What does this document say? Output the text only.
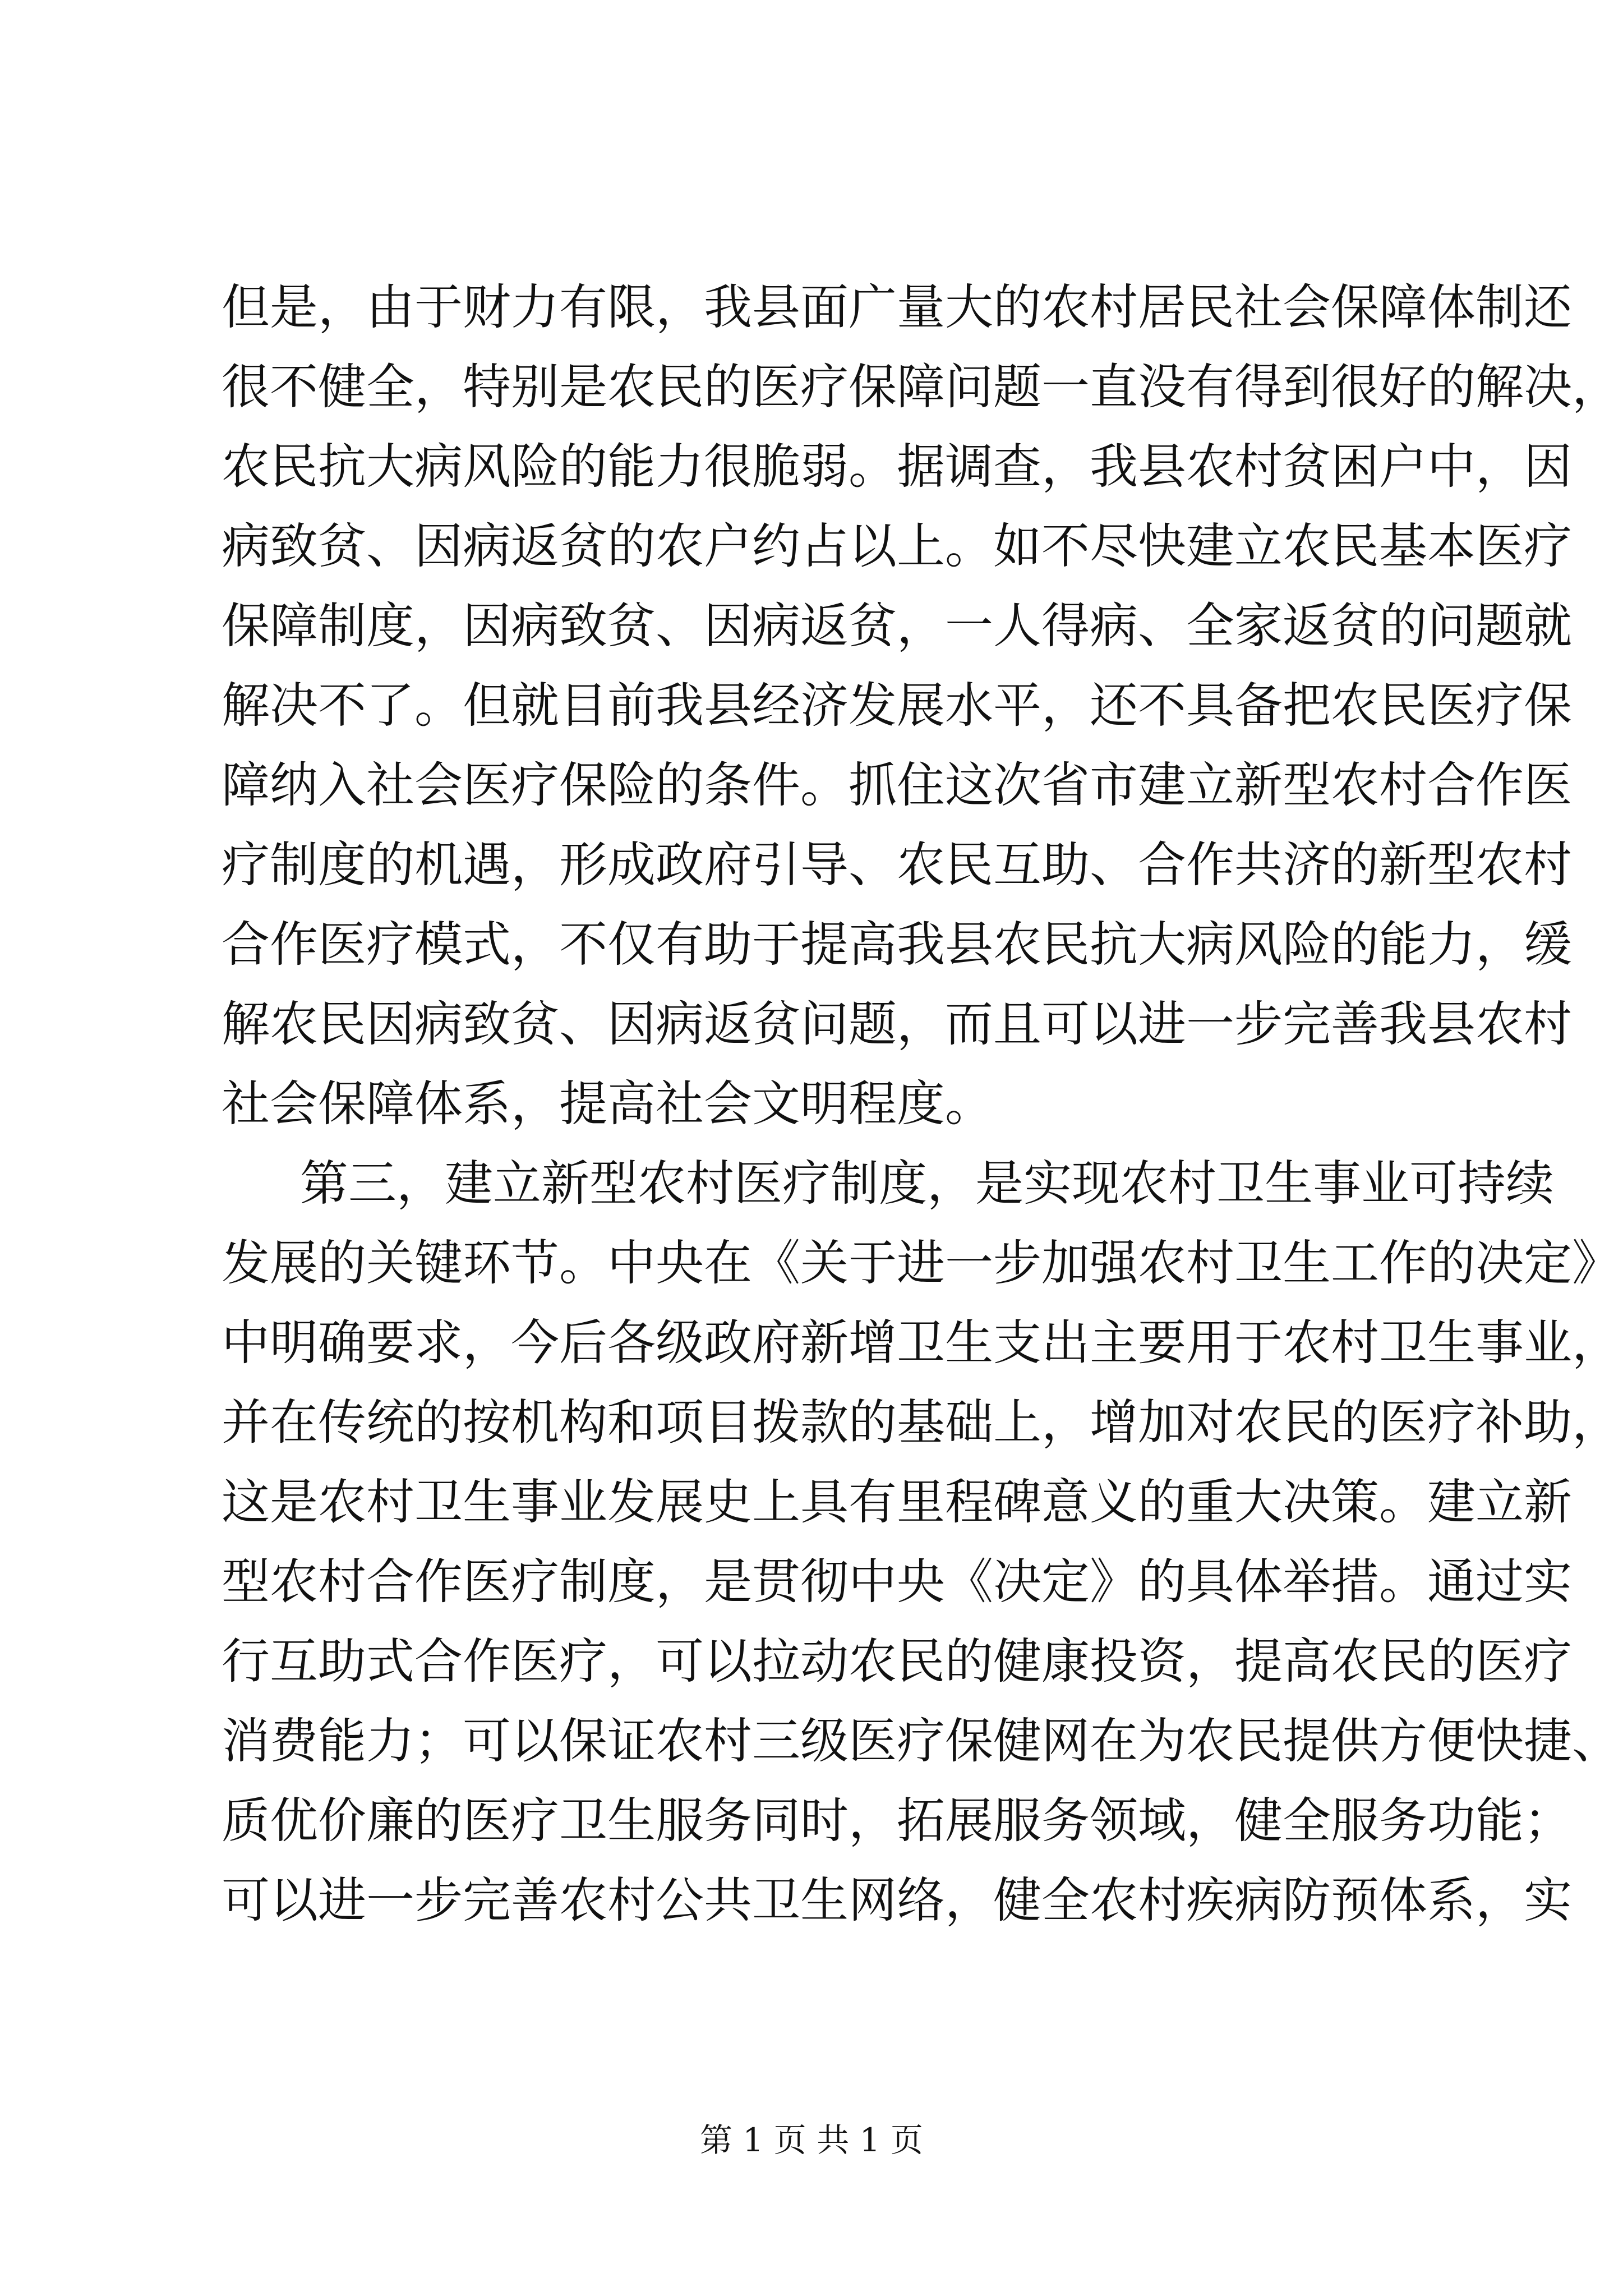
但是，由于财力有限，我县面广量大的农村居民社会保障体制还
很不健全，特别是农民的医疗保障问题一直没有得到很好的解决，
农民抗大病风险的能力很脆弱。据调查，我县农村贫困户中，因
病致贫、因病返贫的农户约占以上。如不尽快建立农民基本医疗
保障制度，因病致贫、因病返贫，一人得病、全家返贫的问题就
解决不了。但就目前我县经济发展水平，还不具备把农民医疗保
障纳入社会医疗保险的条件。抓住这次省市建立新型农村合作医
疗制度的机遇，形成政府引导、农民互助、合作共济的新型农村
合作医疗模式，不仅有助于提高我县农民抗大病风险的能力，缓
解农民因病致贫、因病返贫问题，而且可以进一步完善我县农村
社会保障体系，提高社会文明程度。
第三，建立新型农村医疗制度，是实现农村卫生事业可持续
发展的关键环节。中央在《关于进一步加强农村卫生工作的决定》
中明确要求，今后各级政府新增卫生支出主要用于农村卫生事业，
并在传统的按机构和项目拨款的基础上，增加对农民的医疗补助，
这是农村卫生事业发展史上具有里程碑意义的重大决策。建立新
型农村合作医疗制度，是贯彻中央《决定》的具体举措。通过实
行互助式合作医疗，可以拉动农民的健康投资，提高农民的医疗
消费能力；可以保证农村三级医疗保健网在为农民提供方便快捷、
质优价廉的医疗卫生服务同时，拓展服务领域，健全服务功能；
可以进一步完善农村公共卫生网络，健全农村疾病防预体系，实
第 1 页 共 1 页
